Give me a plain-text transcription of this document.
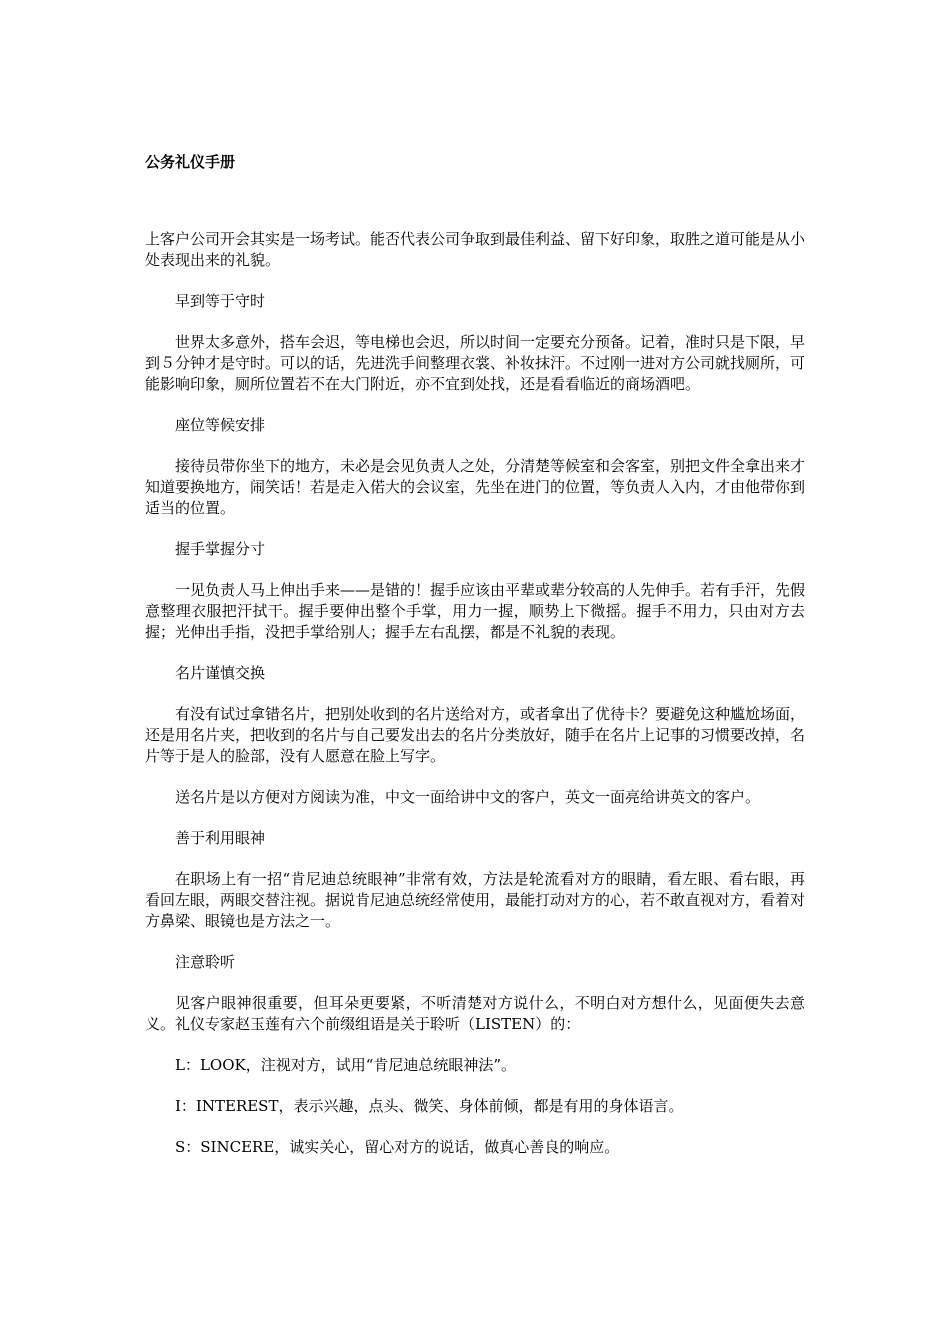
公务礼仪手册

上客户公司开会其实是一场考试。能否代表公司争取到最佳利益、留下好印象，取胜之道可能是从小处表现出来的礼貌。

早到等于守时

世界太多意外，搭车会迟，等电梯也会迟，所以时间一定要充分预备。记着，准时只是下限，早到５分钟才是守时。可以的话，先进洗手间整理衣裳、补妆抹汗。不过刚一进对方公司就找厕所，可能影响印象，厕所位置若不在大门附近，亦不宜到处找，还是看看临近的商场酒吧。

座位等候安排

接待员带你坐下的地方，未必是会见负责人之处，分清楚等候室和会客室，别把文件全拿出来才知道要换地方，闹笑话！若是走入偌大的会议室，先坐在进门的位置，等负责人入内，才由他带你到适当的位置。

握手掌握分寸

一见负责人马上伸出手来——是错的！握手应该由平辈或辈分较高的人先伸手。若有手汗，先假意整理衣服把汗拭干。握手要伸出整个手掌，用力一握，顺势上下微摇。握手不用力，只由对方去握；光伸出手指，没把手掌给别人；握手左右乱摆，都是不礼貌的表现。

名片谨慎交换

有没有试过拿错名片，把别处收到的名片送给对方，或者拿出了优待卡？要避免这种尴尬场面，还是用名片夹，把收到的名片与自己要发出去的名片分类放好，随手在名片上记事的习惯要改掉，名片等于是人的脸部，没有人愿意在脸上写字。

送名片是以方便对方阅读为准，中文一面给讲中文的客户，英文一面亮给讲英文的客户。

善于利用眼神

在职场上有一招“肯尼迪总统眼神”非常有效，方法是轮流看对方的眼睛，看左眼、看右眼，再看回左眼，两眼交替注视。据说肯尼迪总统经常使用，最能打动对方的心，若不敢直视对方，看着对方鼻梁、眼镜也是方法之一。

注意聆听

见客户眼神很重要，但耳朵更要紧，不听清楚对方说什么，不明白对方想什么，见面便失去意义。礼仪专家赵玉莲有六个前缀组语是关于聆听（LISTEN）的：

L：LOOK，注视对方，试用“肯尼迪总统眼神法”。

I：INTEREST，表示兴趣，点头、微笑、身体前倾，都是有用的身体语言。

S：SINCERE，诚实关心，留心对方的说话，做真心善良的响应。
